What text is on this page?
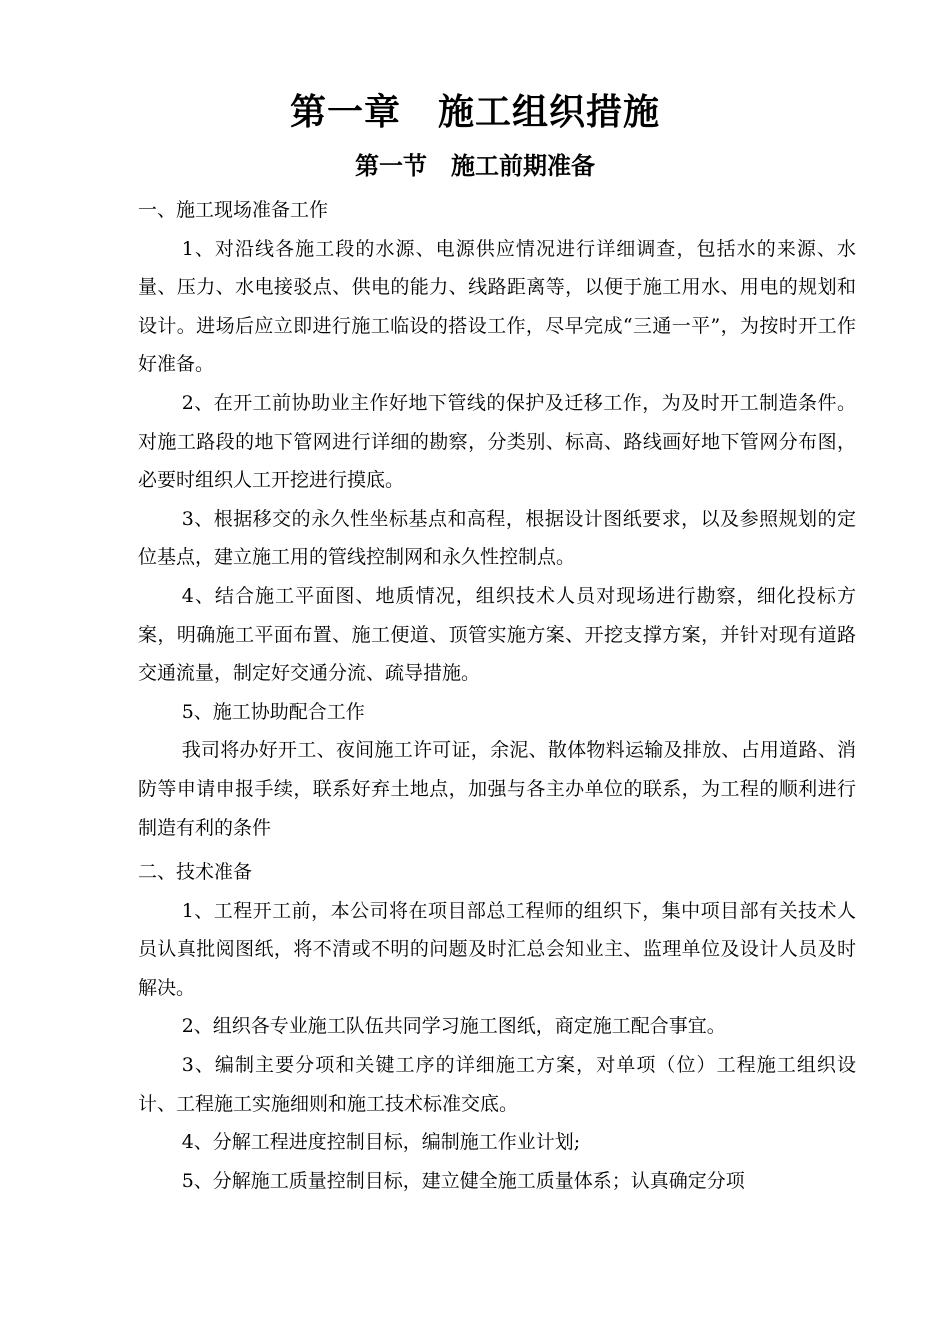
第一章　施工组织措施
第一节　施工前期准备

一、施工现场准备工作

1、对沿线各施工段的水源、电源供应情况进行详细调查，包括水的来源、水量、压力、水电接驳点、供电的能力、线路距离等，以便于施工用水、用电的规划和设计。进场后应立即进行施工临设的搭设工作，尽早完成“三通一平”，为按时开工作好准备。

2、在开工前协助业主作好地下管线的保护及迁移工作，为及时开工制造条件。对施工路段的地下管网进行详细的勘察，分类别、标高、路线画好地下管网分布图，必要时组织人工开挖进行摸底。

3、根据移交的永久性坐标基点和高程，根据设计图纸要求，以及参照规划的定位基点，建立施工用的管线控制网和永久性控制点。

4、结合施工平面图、地质情况，组织技术人员对现场进行勘察，细化投标方案，明确施工平面布置、施工便道、顶管实施方案、开挖支撑方案，并针对现有道路交通流量，制定好交通分流、疏导措施。

5、施工协助配合工作

我司将办好开工、夜间施工许可证，余泥、散体物料运输及排放、占用道路、消防等申请申报手续，联系好弃土地点，加强与各主办单位的联系，为工程的顺利进行制造有利的条件

二、技术准备

1、工程开工前，本公司将在项目部总工程师的组织下，集中项目部有关技术人员认真批阅图纸，将不清或不明的问题及时汇总会知业主、监理单位及设计人员及时解决。

2、组织各专业施工队伍共同学习施工图纸，商定施工配合事宜。

3、编制主要分项和关键工序的详细施工方案，对单项（位）工程施工组织设计、工程施工实施细则和施工技术标准交底。

4、分解工程进度控制目标，编制施工作业计划;

5、分解施工质量控制目标，建立健全施工质量体系；认真确定分项
